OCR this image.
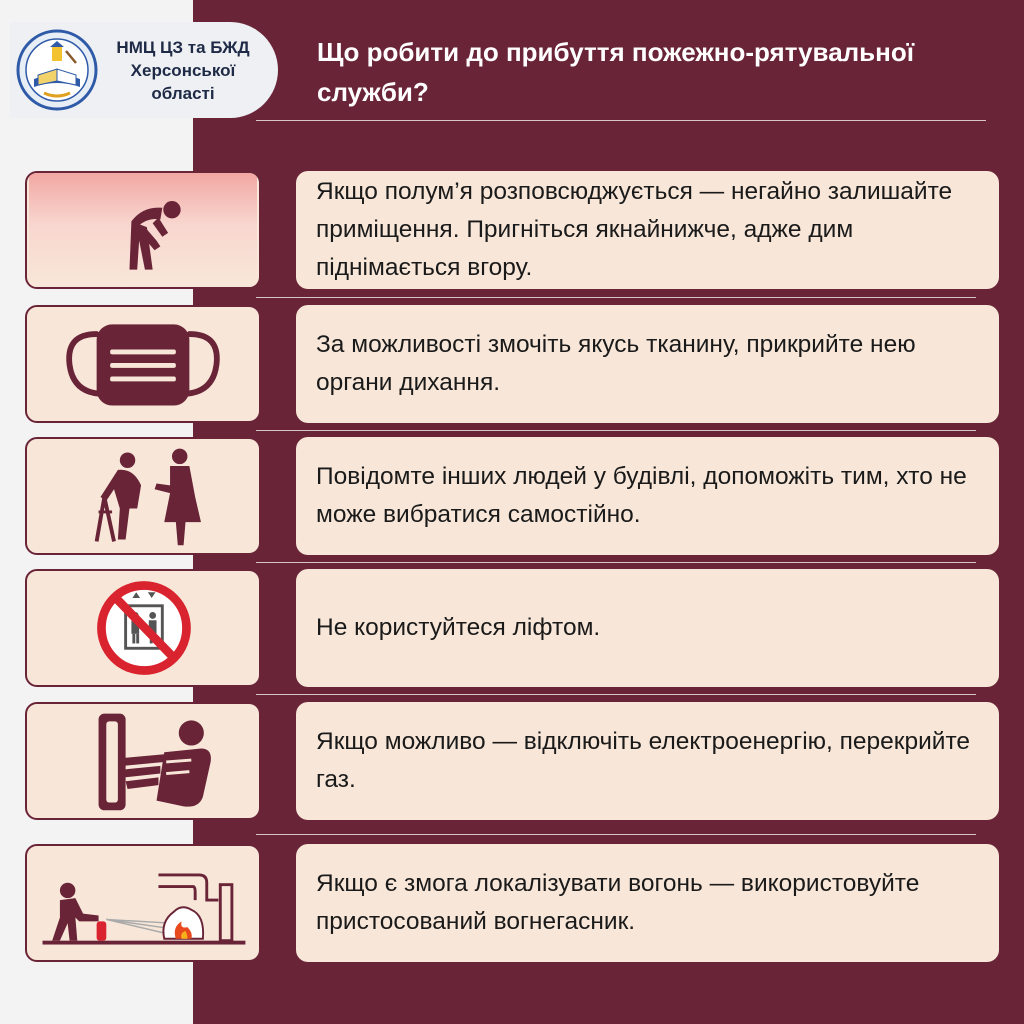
НМЦ ЦЗ та БЖД Херсонської області
Що робити до прибуття пожежно-рятувальної служби?
Якщо полум’я розповсюджується — негайно залишайте приміщення. Пригніться якнайнижче, адже дим піднімається вгору.
За можливості змочіть якусь тканину, прикрийте нею органи дихання.
Повідомте інших людей у будівлі, допоможіть тим, хто не може вибратися самостійно.
Не користуйтеся ліфтом.
Якщо можливо — відключіть електроенергію, перекрийте газ.
Якщо є змога локалізувати вогонь — використовуйте пристосований вогнегасник.
